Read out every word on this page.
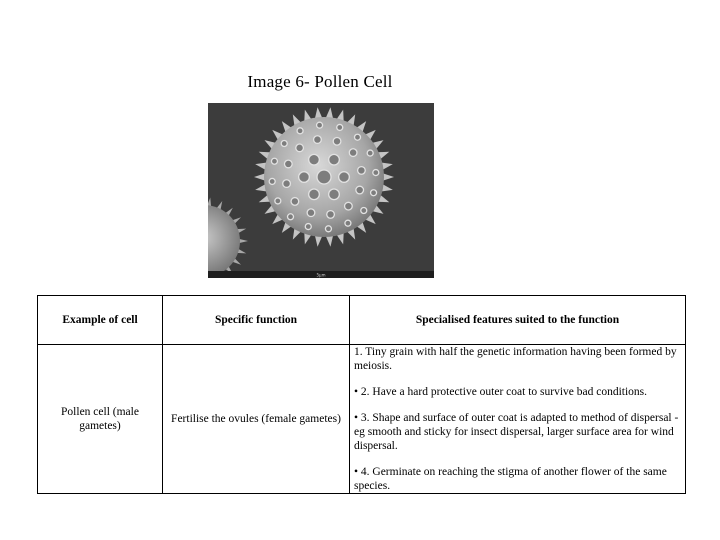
Image 6- Pollen Cell
5µm
Example of cell	Specific function	Specialised features suited to the function
Pollen cell (male gametes)	Fertilise the ovules (female gametes)	1. Tiny grain with half the genetic information having been formed by meiosis.

• 2. Have a hard protective outer coat to survive bad conditions.

• 3. Shape and surface of outer coat is adapted to method of dispersal - eg smooth and sticky for insect dispersal, larger surface area for wind dispersal.

• 4. Germinate on reaching the stigma of another flower of the same species.
